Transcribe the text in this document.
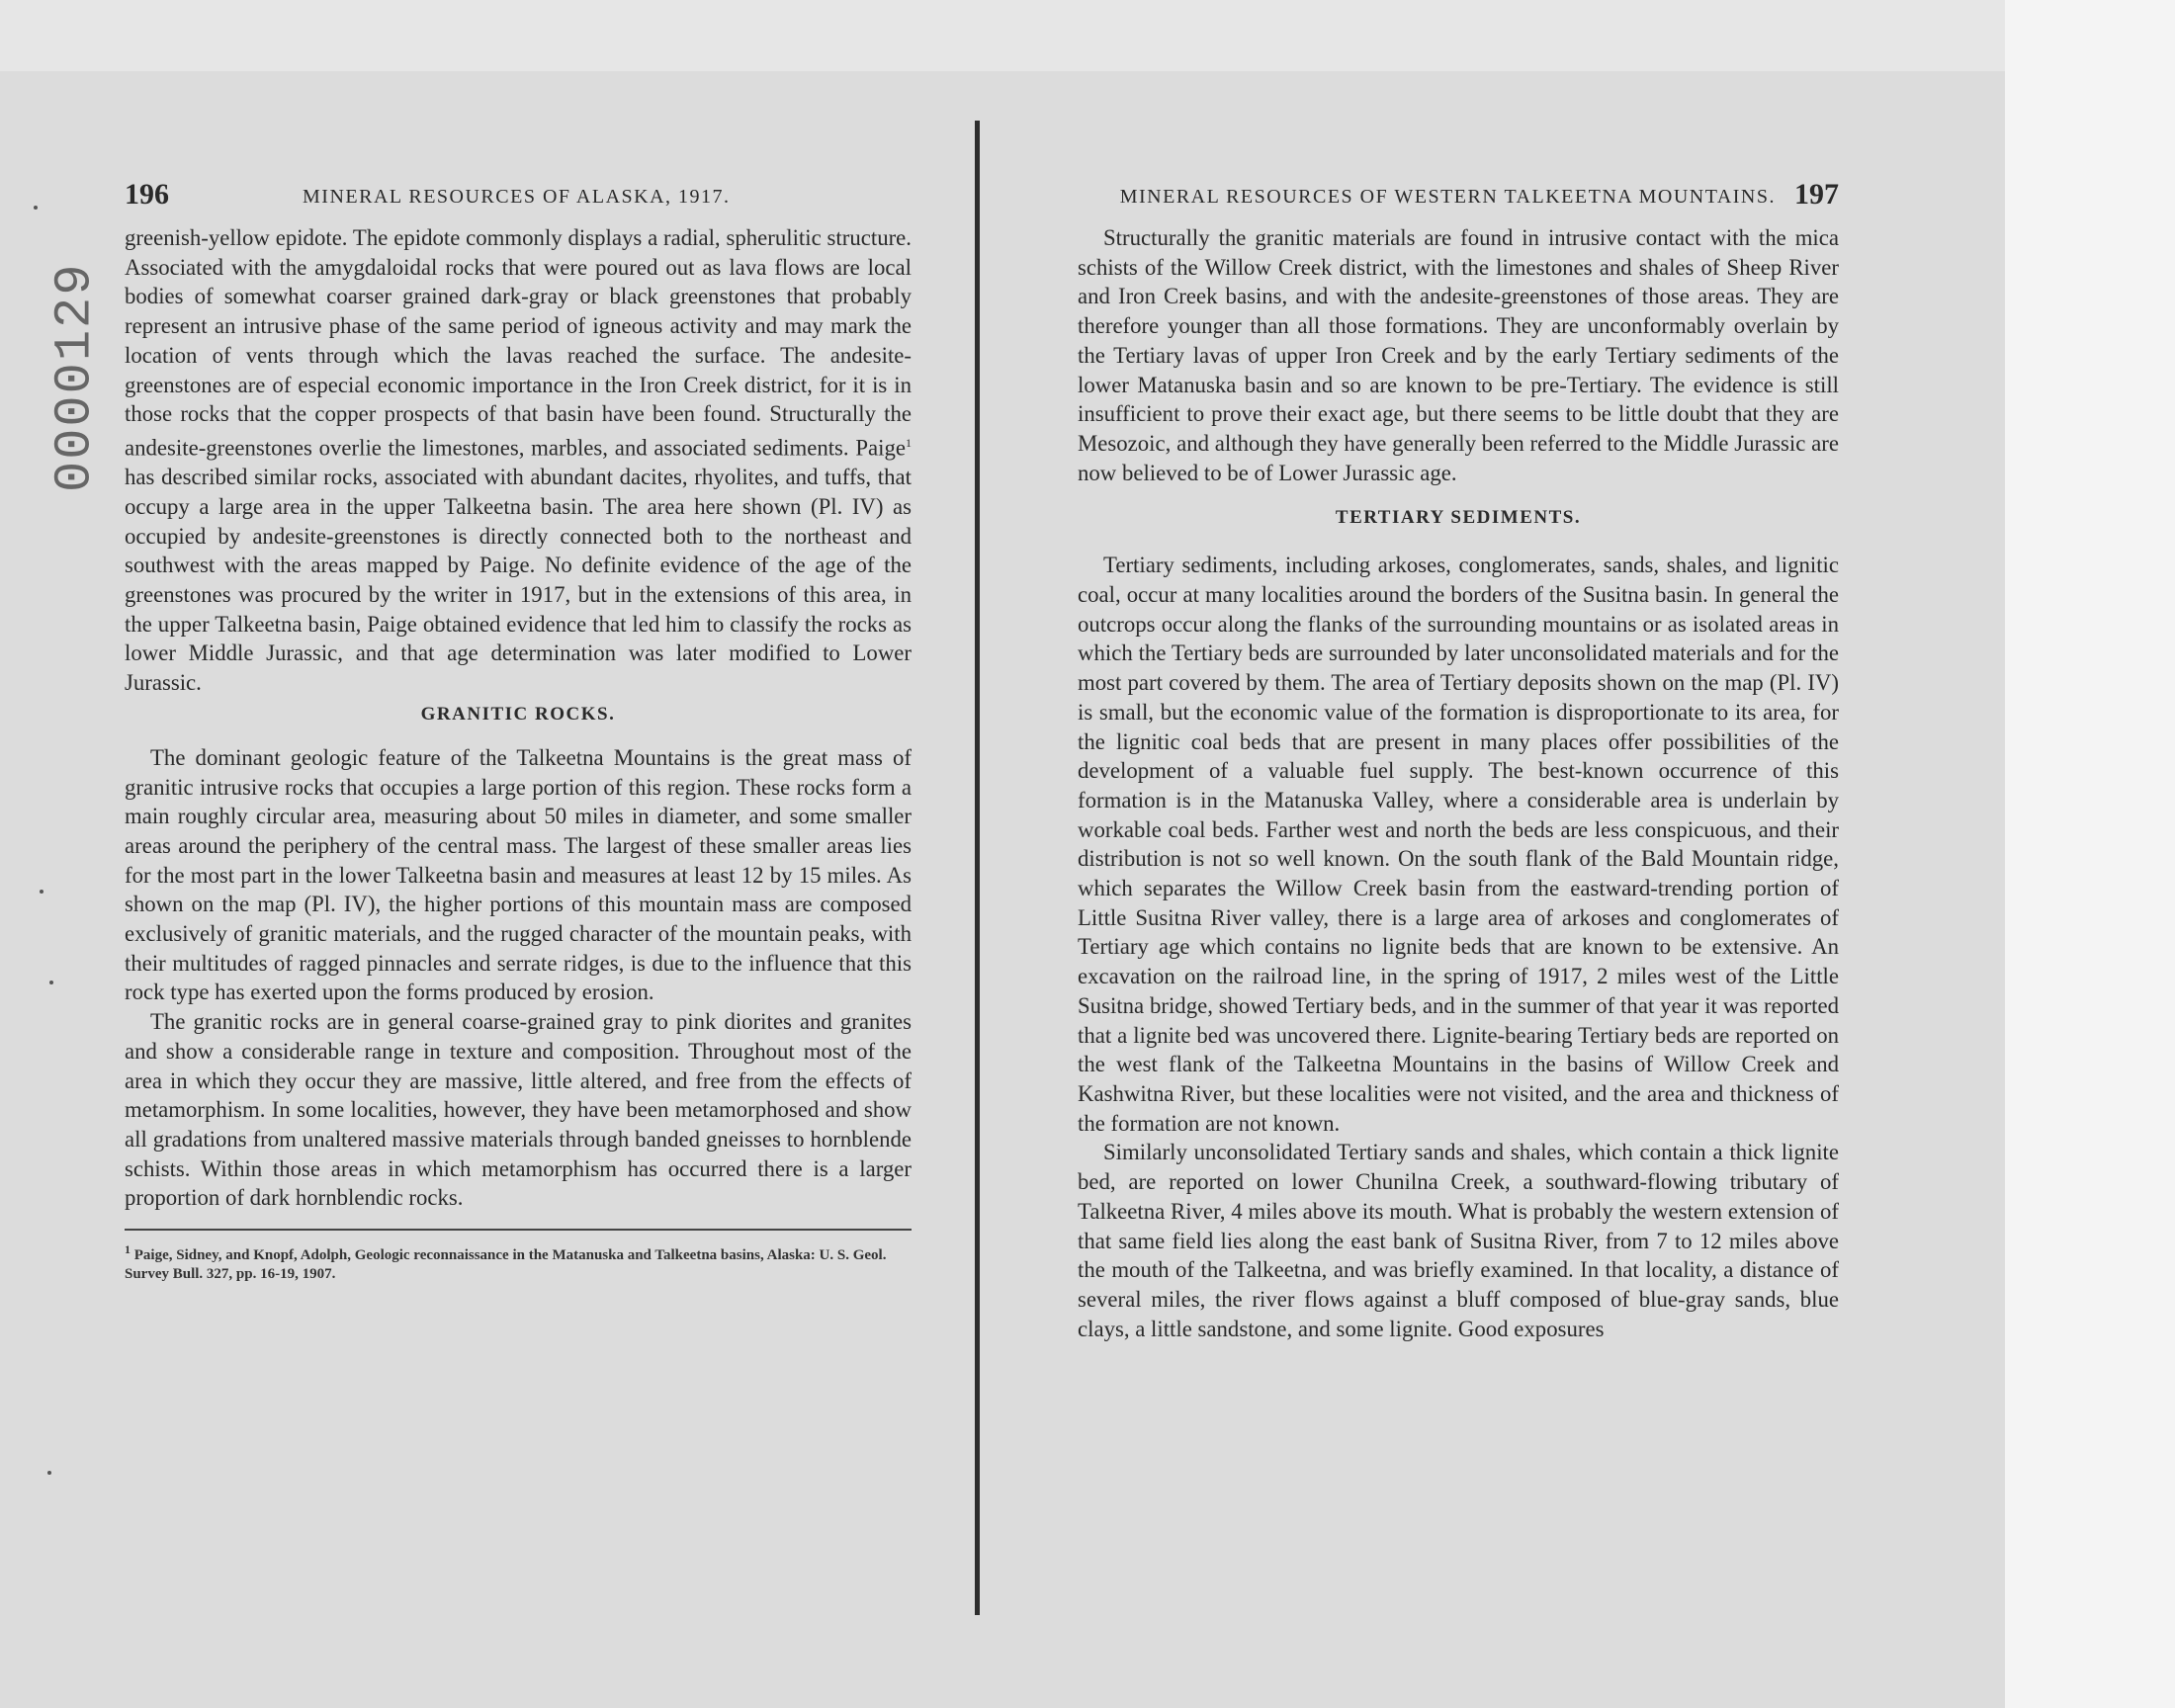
0000129
196	MINERAL RESOURCES OF ALASKA, 1917.

greenish-yellow epidote. The epidote commonly displays a radial, spherulitic structure. Associated with the amygdaloidal rocks that were poured out as lava flows are local bodies of somewhat coarser grained dark-gray or black greenstones that probably represent an intrusive phase of the same period of igneous activity and may mark the location of vents through which the lavas reached the surface. The andesite-greenstones are of especial economic importance in the Iron Creek district, for it is in those rocks that the copper prospects of that basin have been found. Structurally the andesite-greenstones overlie the limestones, marbles, and associated sediments. Paige$^1$ has described similar rocks, associated with abundant dacites, rhyolites, and tuffs, that occupy a large area in the upper Talkeetna basin. The area here shown (Pl. IV) as occupied by andesite-greenstones is directly connected both to the northeast and southwest with the areas mapped by Paige. No definite evidence of the age of the greenstones was procured by the writer in 1917, but in the extensions of this area, in the upper Talkeetna basin, Paige obtained evidence that led him to classify the rocks as lower Middle Jurassic, and that age determination was later modified to Lower Jurassic.

GRANITIC ROCKS.

The dominant geologic feature of the Talkeetna Mountains is the great mass of granitic intrusive rocks that occupies a large portion of this region. These rocks form a main roughly circular area, measuring about 50 miles in diameter, and some smaller areas around the periphery of the central mass. The largest of these smaller areas lies for the most part in the lower Talkeetna basin and measures at least 12 by 15 miles. As shown on the map (Pl. IV), the higher portions of this mountain mass are composed exclusively of granitic materials, and the rugged character of the mountain peaks, with their multitudes of ragged pinnacles and serrate ridges, is due to the influence that this rock type has exerted upon the forms produced by erosion.

The granitic rocks are in general coarse-grained gray to pink diorites and granites and show a considerable range in texture and composition. Throughout most of the area in which they occur they are massive, little altered, and free from the effects of metamorphism. In some localities, however, they have been metamorphosed and show all gradations from unaltered massive materials through banded gneisses to hornblende schists. Within those areas in which metamorphism has occurred there is a larger proportion of dark hornblendic rocks.

$^1$ Paige, Sidney, and Knopf, Adolph, Geologic reconnaissance in the Matanuska and Talkeetna basins, Alaska: U. S. Geol. Survey Bull. 327, pp. 16-19, 1907.

MINERAL RESOURCES OF WESTERN TALKEETNA MOUNTAINS. 197

Structurally the granitic materials are found in intrusive contact with the mica schists of the Willow Creek district, with the limestones and shales of Sheep River and Iron Creek basins, and with the andesite-greenstones of those areas. They are therefore younger than all those formations. They are unconformably overlain by the Tertiary lavas of upper Iron Creek and by the early Tertiary sediments of the lower Matanuska basin and so are known to be pre-Tertiary. The evidence is still insufficient to prove their exact age, but there seems to be little doubt that they are Mesozoic, and although they have generally been referred to the Middle Jurassic are now believed to be of Lower Jurassic age.

TERTIARY SEDIMENTS.

Tertiary sediments, including arkoses, conglomerates, sands, shales, and lignitic coal, occur at many localities around the borders of the Susitna basin. In general the outcrops occur along the flanks of the surrounding mountains or as isolated areas in which the Tertiary beds are surrounded by later unconsolidated materials and for the most part covered by them. The area of Tertiary deposits shown on the map (Pl. IV) is small, but the economic value of the formation is disproportionate to its area, for the lignitic coal beds that are present in many places offer possibilities of the development of a valuable fuel supply. The best-known occurrence of this formation is in the Matanuska Valley, where a considerable area is underlain by workable coal beds. Farther west and north the beds are less conspicuous, and their distribution is not so well known. On the south flank of the Bald Mountain ridge, which separates the Willow Creek basin from the eastward-trending portion of Little Susitna River valley, there is a large area of arkoses and conglomerates of Tertiary age which contains no lignite beds that are known to be extensive. An excavation on the railroad line, in the spring of 1917, 2 miles west of the Little Susitna bridge, showed Tertiary beds, and in the summer of that year it was reported that a lignite bed was uncovered there. Lignite-bearing Tertiary beds are reported on the west flank of the Talkeetna Mountains in the basins of Willow Creek and Kashwitna River, but these localities were not visited, and the area and thickness of the formation are not known.

Similarly unconsolidated Tertiary sands and shales, which contain a thick lignite bed, are reported on lower Chunilna Creek, a southward-flowing tributary of Talkeetna River, 4 miles above its mouth. What is probably the western extension of that same field lies along the east bank of Susitna River, from 7 to 12 miles above the mouth of the Talkeetna, and was briefly examined. In that locality, a distance of several miles, the river flows against a bluff composed of blue-gray sands, blue clays, a little sandstone, and some lignite. Good exposures
